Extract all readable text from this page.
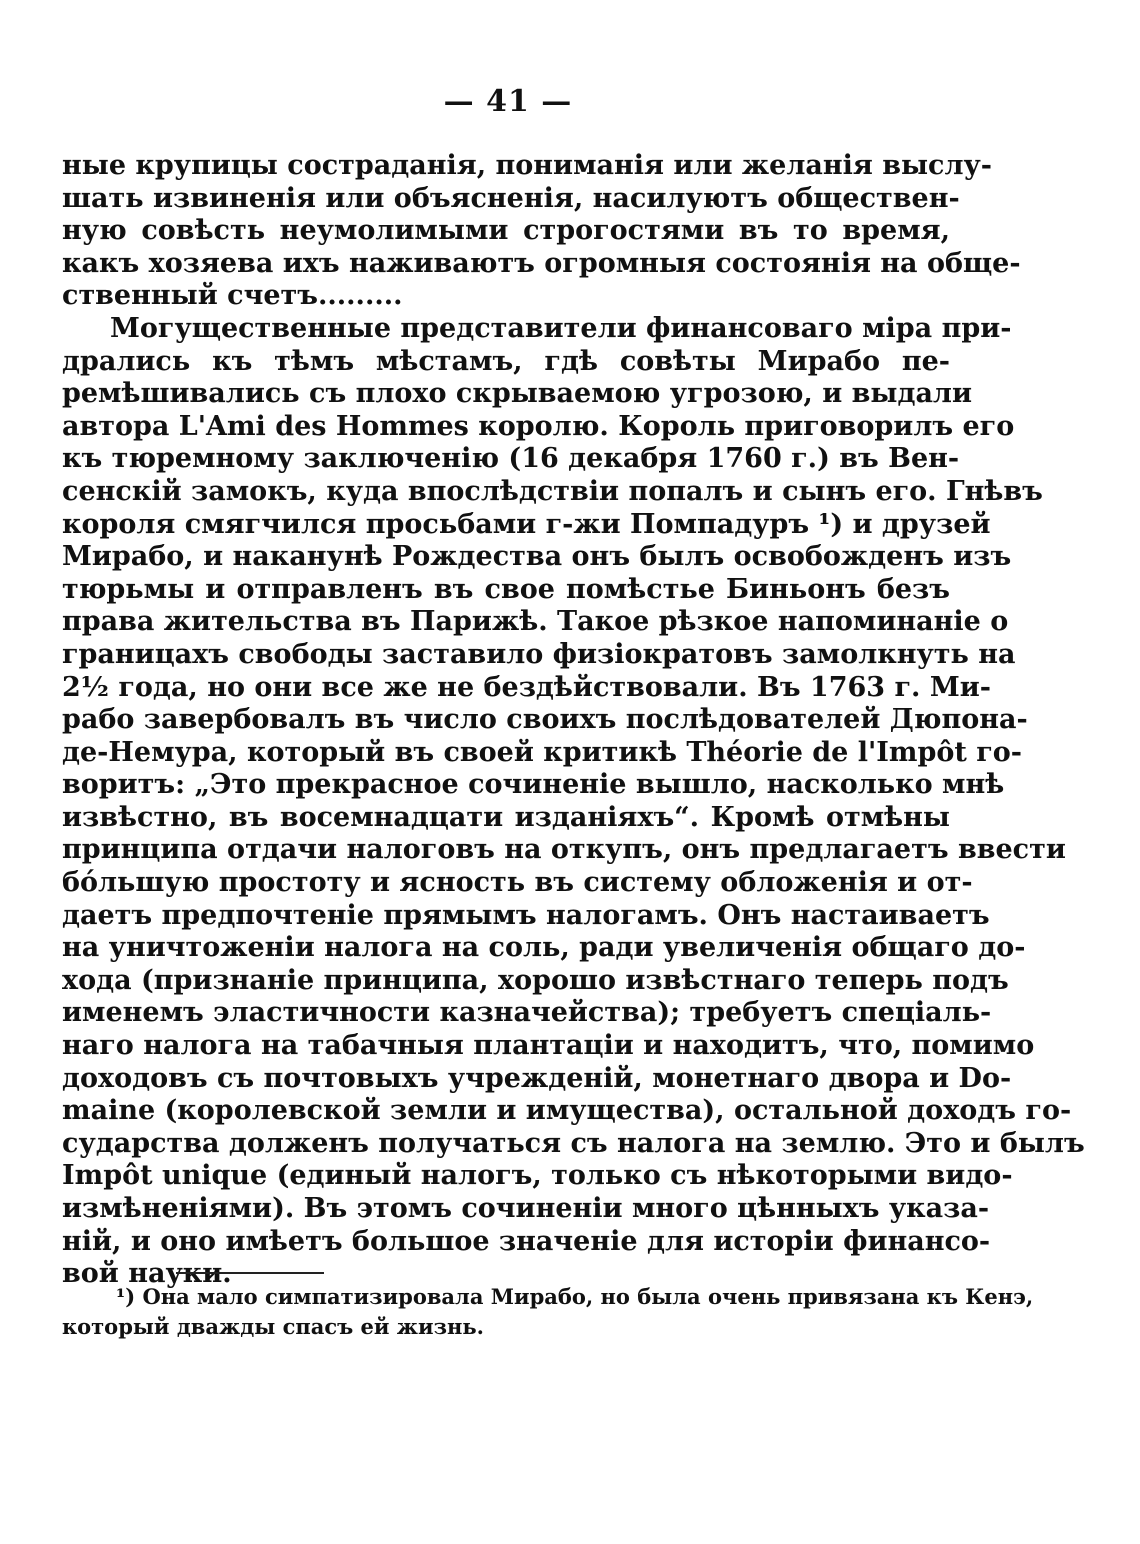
— 41 —
ные крупицы состраданія, пониманія или желанія выслу-
шать извиненія или объясненія, насилуютъ обществен-
ную совѣсть неумолимыми строгостями въ то время,
какъ хозяева ихъ наживаютъ огромныя состоянія на обще-
ственный счетъ.........
Могущественные представители финансоваго міра при-
дрались къ тѣмъ мѣстамъ, гдѣ совѣты Мирабо пе-
ремѣшивались съ плохо скрываемою угрозою, и выдали
автора L'Ami des Hommes королю. Король приговорилъ его
къ тюремному заключенію (16 декабря 1760 г.) въ Вен-
сенскій замокъ, куда впослѣдствіи попалъ и сынъ его. Гнѣвъ
короля смягчился просьбами г-жи Помпадуръ ¹) и друзей
Мирабо, и наканунѣ Рождества онъ былъ освобожденъ изъ
тюрьмы и отправленъ въ свое помѣстье Биньонъ безъ
права жительства въ Парижѣ. Такое рѣзкое напоминаніе о
границахъ свободы заставило физіократовъ замолкнуть на
2½ года, но они все же не бездѣйствовали. Въ 1763 г. Ми-
рабо завербовалъ въ число своихъ послѣдователей Дюпона-
де-Немура, который въ своей критикѣ Théorie de l'Impôt го-
воритъ: „Это прекрасное сочиненіе вышло, насколько мнѣ
извѣстно, въ восемнадцати изданіяхъ“. Кромѣ отмѣны
принципа отдачи налоговъ на откупъ, онъ предлагаетъ ввести
бóльшую простоту и ясность въ систему обложенія и от-
даетъ предпочтеніе прямымъ налогамъ. Онъ настаиваетъ
на уничтоженіи налога на соль, ради увеличенія общаго до-
хода (признаніе принципа, хорошо извѣстнаго теперь подъ
именемъ эластичности казначейства); требуетъ спеціаль-
наго налога на табачныя плантаціи и находитъ, что, помимо
доходовъ съ почтовыхъ учрежденій, монетнаго двора и Do-
maine (королевской земли и имущества), остальной доходъ го-
сударства долженъ получаться съ налога на землю. Это и былъ
Impôt unique (единый налогъ, только съ нѣкоторыми видо-
измѣненіями). Въ этомъ сочиненіи много цѣнныхъ указа-
ній, и оно имѣетъ большое значеніе для исторіи финансо-
вой науки.
¹) Она мало симпатизировала Мирабо, но была очень привязана къ Кенэ,
который дважды спасъ ей жизнь.
